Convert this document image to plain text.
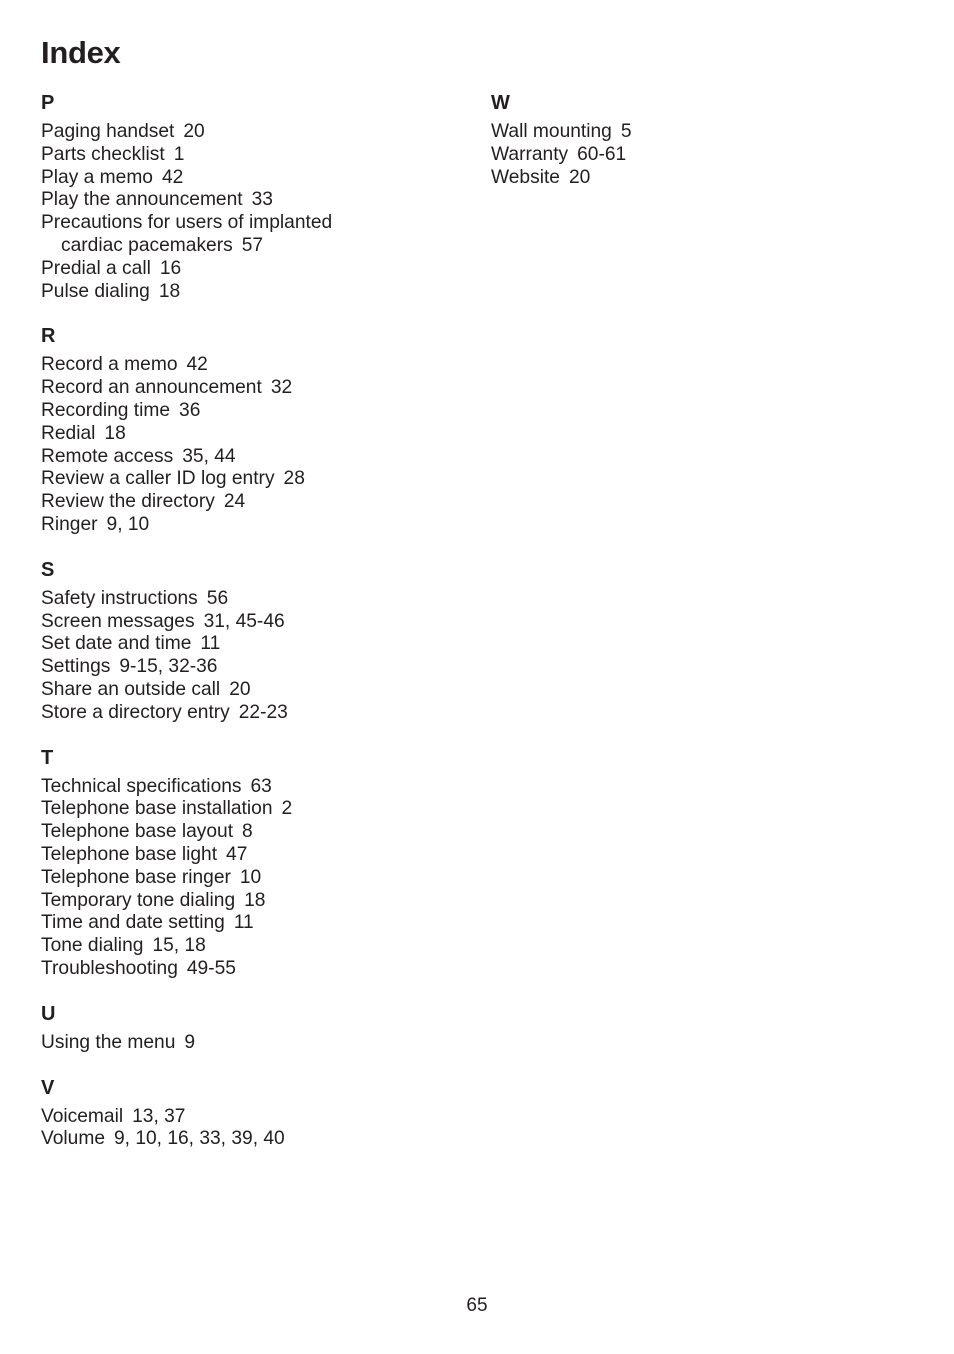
Index
P
Paging handset 20
Parts checklist 1
Play a memo 42
Play the announcement 33
Precautions for users of implanted
cardiac pacemakers 57
Predial a call 16
Pulse dialing 18
R
Record a memo 42
Record an announcement 32
Recording time 36
Redial 18
Remote access 35, 44
Review a caller ID log entry 28
Review the directory 24
Ringer 9, 10
S
Safety instructions 56
Screen messages 31, 45-46
Set date and time 11
Settings 9-15, 32-36
Share an outside call 20
Store a directory entry 22-23
T
Technical specifications 63
Telephone base installation 2
Telephone base layout 8
Telephone base light 47
Telephone base ringer 10
Temporary tone dialing 18
Time and date setting 11
Tone dialing 15, 18
Troubleshooting 49-55
U
Using the menu 9
V
Voicemail 13, 37
Volume 9, 10, 16, 33, 39, 40
W
Wall mounting 5
Warranty 60-61
Website 20
65
